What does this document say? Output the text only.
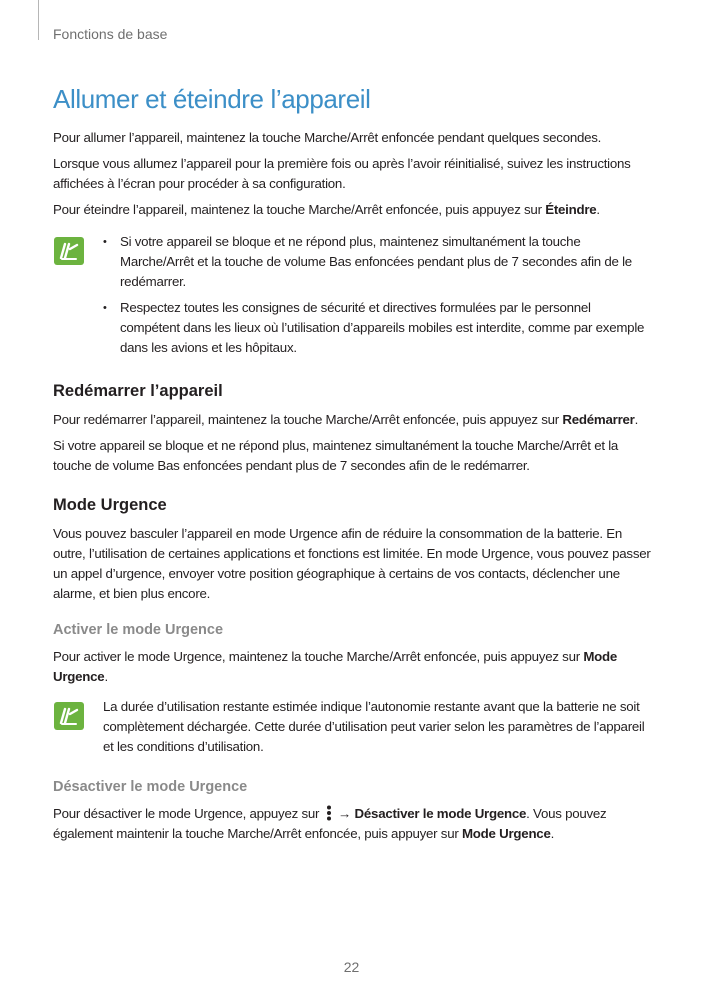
Fonctions de base
Allumer et éteindre l’appareil

Pour allumer l’appareil, maintenez la touche Marche/Arrêt enfoncée pendant quelques secondes.

Lorsque vous allumez l’appareil pour la première fois ou après l’avoir réinitialisé, suivez les instructions affichées à l’écran pour procéder à sa configuration.

Pour éteindre l’appareil, maintenez la touche Marche/Arrêt enfoncée, puis appuyez sur Éteindre.

• Si votre appareil se bloque et ne répond plus, maintenez simultanément la touche Marche/Arrêt et la touche de volume Bas enfoncées pendant plus de 7 secondes afin de le redémarrer.
• Respectez toutes les consignes de sécurité et directives formulées par le personnel compétent dans les lieux où l’utilisation d’appareils mobiles est interdite, comme par exemple dans les avions et les hôpitaux.
Redémarrer l’appareil

Pour redémarrer l’appareil, maintenez la touche Marche/Arrêt enfoncée, puis appuyez sur Redémarrer.

Si votre appareil se bloque et ne répond plus, maintenez simultanément la touche Marche/Arrêt et la touche de volume Bas enfoncées pendant plus de 7 secondes afin de le redémarrer.

Mode Urgence

Vous pouvez basculer l’appareil en mode Urgence afin de réduire la consommation de la batterie. En outre, l’utilisation de certaines applications et fonctions est limitée. En mode Urgence, vous pouvez passer un appel d’urgence, envoyer votre position géographique à certains de vos contacts, déclencher une alarme, et bien plus encore.

Activer le mode Urgence

Pour activer le mode Urgence, maintenez la touche Marche/Arrêt enfoncée, puis appuyez sur Mode Urgence.

La durée d’utilisation restante estimée indique l’autonomie restante avant que la batterie ne soit complètement déchargée. Cette durée d’utilisation peut varier selon les paramètres de l’appareil et les conditions d’utilisation.

Désactiver le mode Urgence

Pour désactiver le mode Urgence, appuyez sur  → Désactiver le mode Urgence. Vous pouvez également maintenir la touche Marche/Arrêt enfoncée, puis appuyer sur Mode Urgence.

22
